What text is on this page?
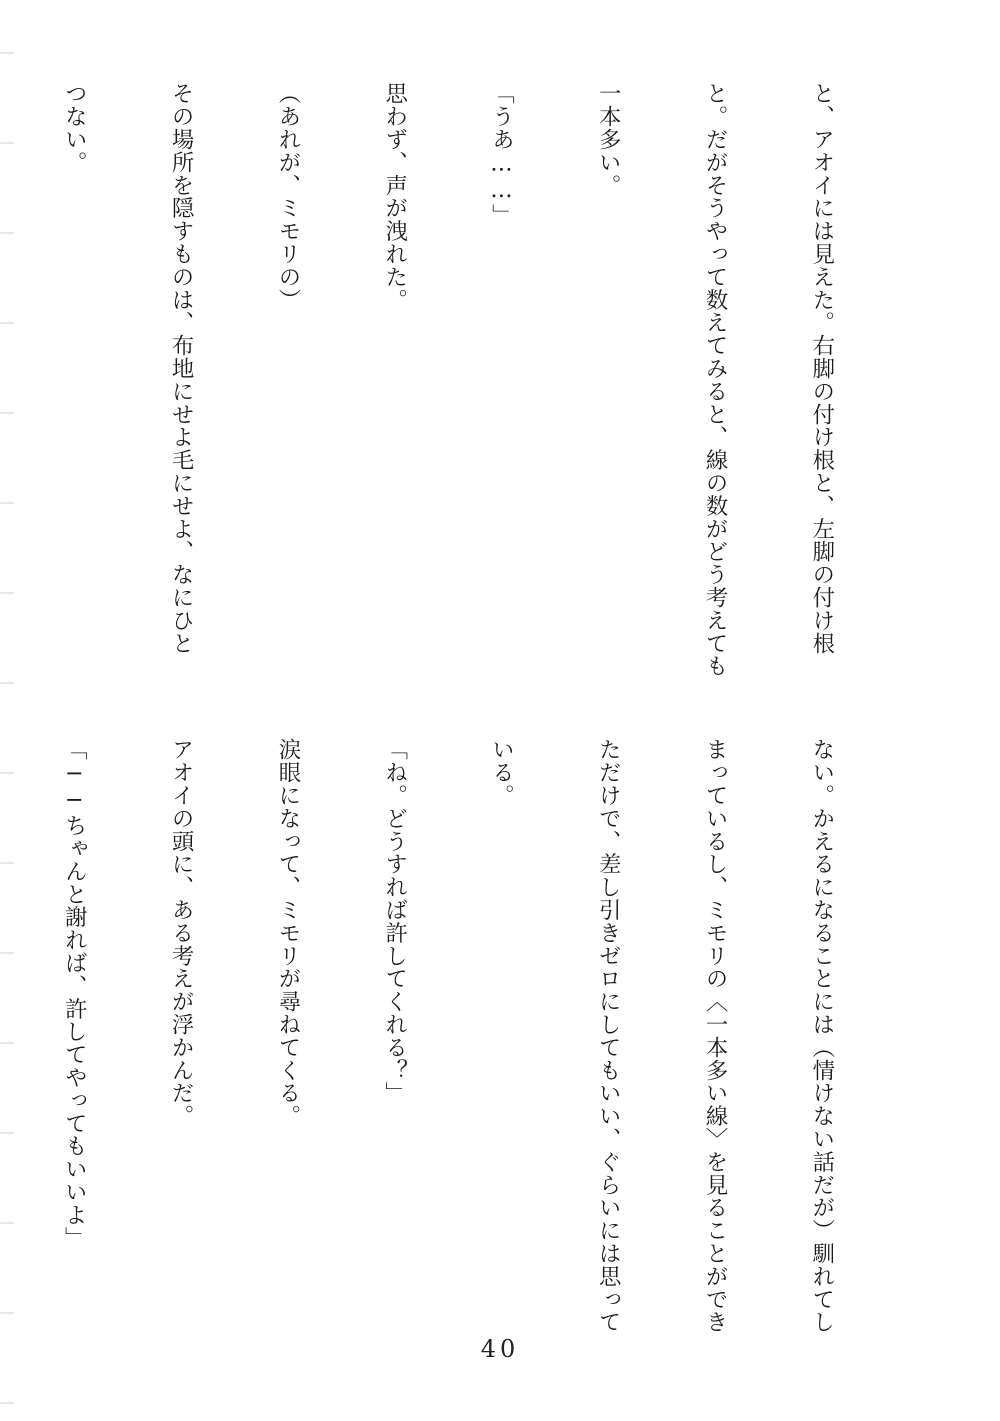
と、アオイには見えた。右脚の付け根と、左脚の付け根

と。だがそうやって数えてみると、線の数がどう考えても

一本多い。

「うあ……」

思わず、声が洩れた。

（あれが、ミモリの）

その場所を隠すものは、布地にせよ毛にせよ、なにひと

つない。

ない。かえるになることには（情けない話だが）馴れてし

まっているし、ミモリの〈一本多い線〉を見ることができ

ただけで、差し引きゼロにしてもいい、ぐらいには思って

いる。

「ね。どうすれば許してくれる？」

涙眼になって、ミモリが尋ねてくる。

アオイの頭に、ある考えが浮かんだ。

「──ちゃんと謝れば、許してやってもいいよ」

40
